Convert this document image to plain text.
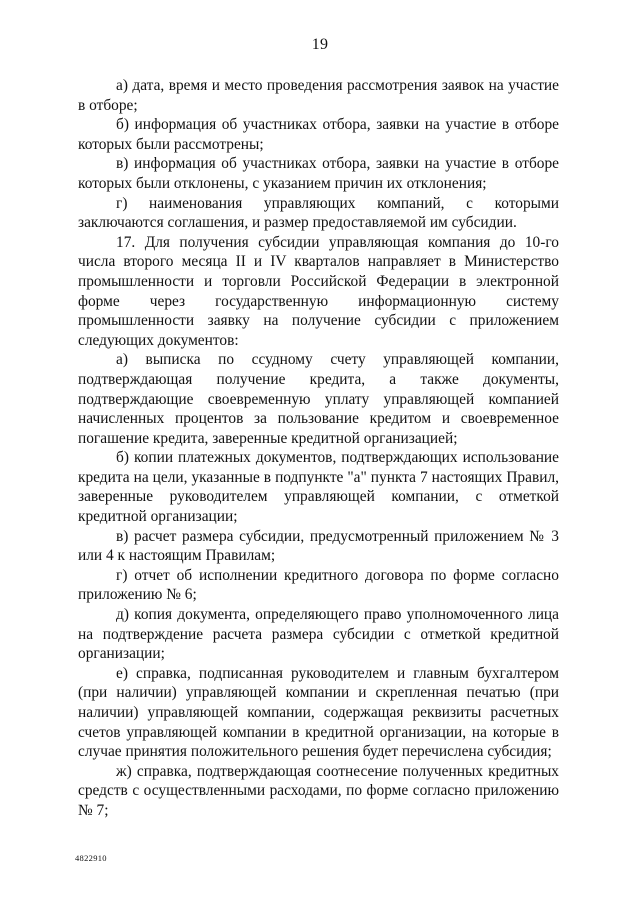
19

а) дата, время и место проведения рассмотрения заявок на участие в отборе;

б) информация об участниках отбора, заявки на участие в отборе которых были рассмотрены;

в) информация об участниках отбора, заявки на участие в отборе которых были отклонены, с указанием причин их отклонения;

г) наименования управляющих компаний, с которыми заключаются соглашения, и размер предоставляемой им субсидии.

17. Для получения субсидии управляющая компания до 10-го числа второго месяца II и IV кварталов направляет в Министерство промышленности и торговли Российской Федерации в электронной форме через государственную информационную систему промышленности заявку на получение субсидии с приложением следующих документов:

а) выписка по ссудному счету управляющей компании, подтверждающая получение кредита, а также документы, подтверждающие своевременную уплату управляющей компанией начисленных процентов за пользование кредитом и своевременное погашение кредита, заверенные кредитной организацией;

б) копии платежных документов, подтверждающих использование кредита на цели, указанные в подпункте "а" пункта 7 настоящих Правил, заверенные руководителем управляющей компании, с отметкой кредитной организации;

в) расчет размера субсидии, предусмотренный приложением № 3 или 4 к настоящим Правилам;

г) отчет об исполнении кредитного договора по форме согласно приложению № 6;

д) копия документа, определяющего право уполномоченного лица на подтверждение расчета размера субсидии с отметкой кредитной организации;

е) справка, подписанная руководителем и главным бухгалтером (при наличии) управляющей компании и скрепленная печатью (при наличии) управляющей компании, содержащая реквизиты расчетных счетов управляющей компании в кредитной организации, на которые в случае принятия положительного решения будет перечислена субсидия;

ж) справка, подтверждающая соотнесение полученных кредитных средств с осуществленными расходами, по форме согласно приложению № 7;

4822910
